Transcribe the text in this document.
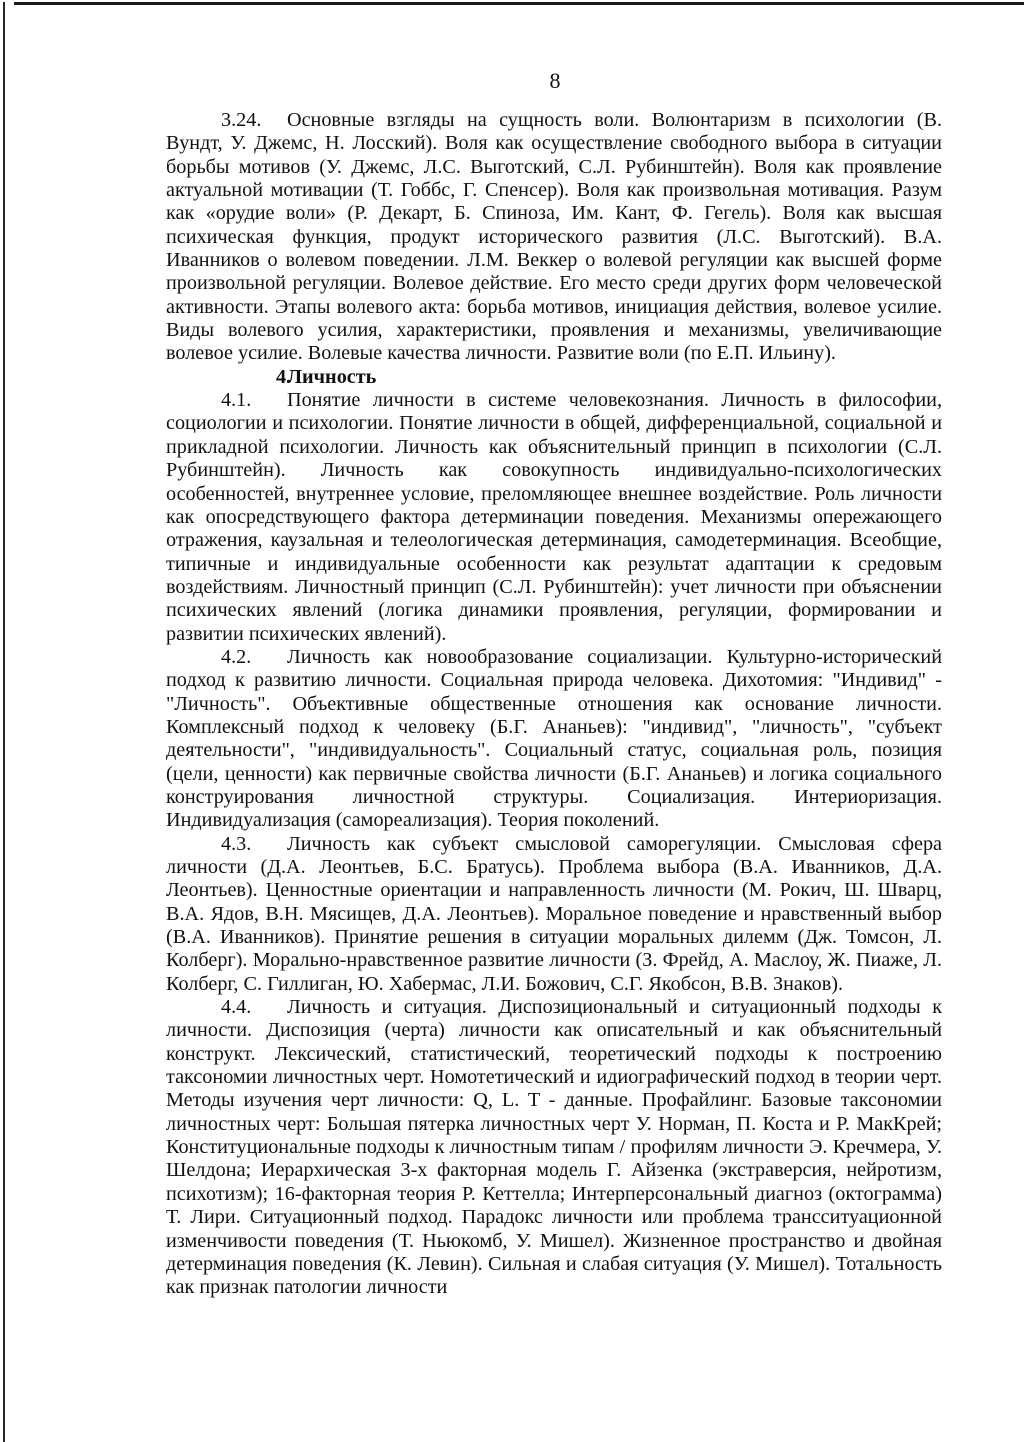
8

3.24. Основные взгляды на сущность воли. Волюнтаризм в психологии (В. Вундт, У. Джемс, Н. Лосский). Воля как осуществление свободного выбора в ситуации борьбы мотивов (У. Джемс, Л.С. Выготский, С.Л. Рубинштейн). Воля как проявление актуальной мотивации (Т. Гоббс, Г. Спенсер). Воля как произвольная мотивация. Разум как «орудие воли» (Р. Декарт, Б. Спиноза, Им. Кант, Ф. Гегель). Воля как высшая психическая функция, продукт исторического развития (Л.С. Выготский). В.А. Иванников о волевом поведении. Л.М. Веккер о волевой регуляции как высшей форме произвольной регуляции. Волевое действие. Его место среди других форм человеческой активности. Этапы волевого акта: борьба мотивов, инициация действия, волевое усилие. Виды волевого усилия, характеристики, проявления и механизмы, увеличивающие волевое усилие. Волевые качества личности. Развитие воли (по Е.П. Ильину).

4.Личность

4.1. Понятие личности в системе человекознания. Личность в философии, социологии и психологии. Понятие личности в общей, дифференциальной, социальной и прикладной психологии. Личность как объяснительный принцип в психологии (С.Л. Рубинштейн). Личность как совокупность индивидуально-психологических особенностей, внутреннее условие, преломляющее внешнее воздействие. Роль личности как опосредствующего фактора детерминации поведения. Механизмы опережающего отражения, каузальная и телеологическая детерминация, самодетерминация. Всеобщие, типичные и индивидуальные особенности как результат адаптации к средовым воздействиям. Личностный принцип (С.Л. Рубинштейн): учет личности при объяснении психических явлений (логика динамики проявления, регуляции, формировании и развитии психических явлений).

4.2. Личность как новообразование социализации. Культурно-исторический подход к развитию личности. Социальная природа человека. Дихотомия: "Индивид" - "Личность". Объективные общественные отношения как основание личности. Комплексный подход к человеку (Б.Г. Ананьев): "индивид", "личность", "субъект деятельности", "индивидуальность". Социальный статус, социальная роль, позиция (цели, ценности) как первичные свойства личности (Б.Г. Ананьев) и логика социального конструирования личностной структуры. Социализация. Интериоризация. Индивидуализация (самореализация). Теория поколений.

4.3. Личность как субъект смысловой саморегуляции. Смысловая сфера личности (Д.А. Леонтьев, Б.С. Братусь). Проблема выбора (В.А. Иванников, Д.А. Леонтьев). Ценностные ориентации и направленность личности (М. Рокич, Ш. Шварц, В.А. Ядов, В.Н. Мясищев, Д.А. Леонтьев). Моральное поведение и нравственный выбор (В.А. Иванников). Принятие решения в ситуации моральных дилемм (Дж. Томсон, Л. Колберг). Морально-нравственное развитие личности (З. Фрейд, А. Маслоу, Ж. Пиаже, Л. Колберг, С. Гиллиган, Ю. Хабермас, Л.И. Божович, С.Г. Якобсон, В.В. Знаков).

4.4. Личность и ситуация. Диспозициональный и ситуационный подходы к личности. Диспозиция (черта) личности как описательный и как объяснительный конструкт. Лексический, статистический, теоретический подходы к построению таксономии личностных черт. Номотетический и идиографический подход в теории черт. Методы изучения черт личности: Q, L. T - данные. Профайлинг. Базовые таксономии личностных черт: Большая пятерка личностных черт У. Норман, П. Коста и Р. МакКрей; Конституциональные подходы к личностным типам / профилям личности Э. Кречмера, У. Шелдона; Иерархическая 3-х факторная модель Г. Айзенка (экстраверсия, нейротизм, психотизм); 16-факторная теория Р. Кеттелла; Интерперсональный диагноз (октограмма) Т. Лири. Ситуационный подход. Парадокс личности или проблема трансситуационной изменчивости поведения (Т. Ньюкомб, У. Мишел). Жизненное пространство и двойная детерминация поведения (К. Левин). Сильная и слабая ситуация (У. Мишел). Тотальность как признак патологии личности
